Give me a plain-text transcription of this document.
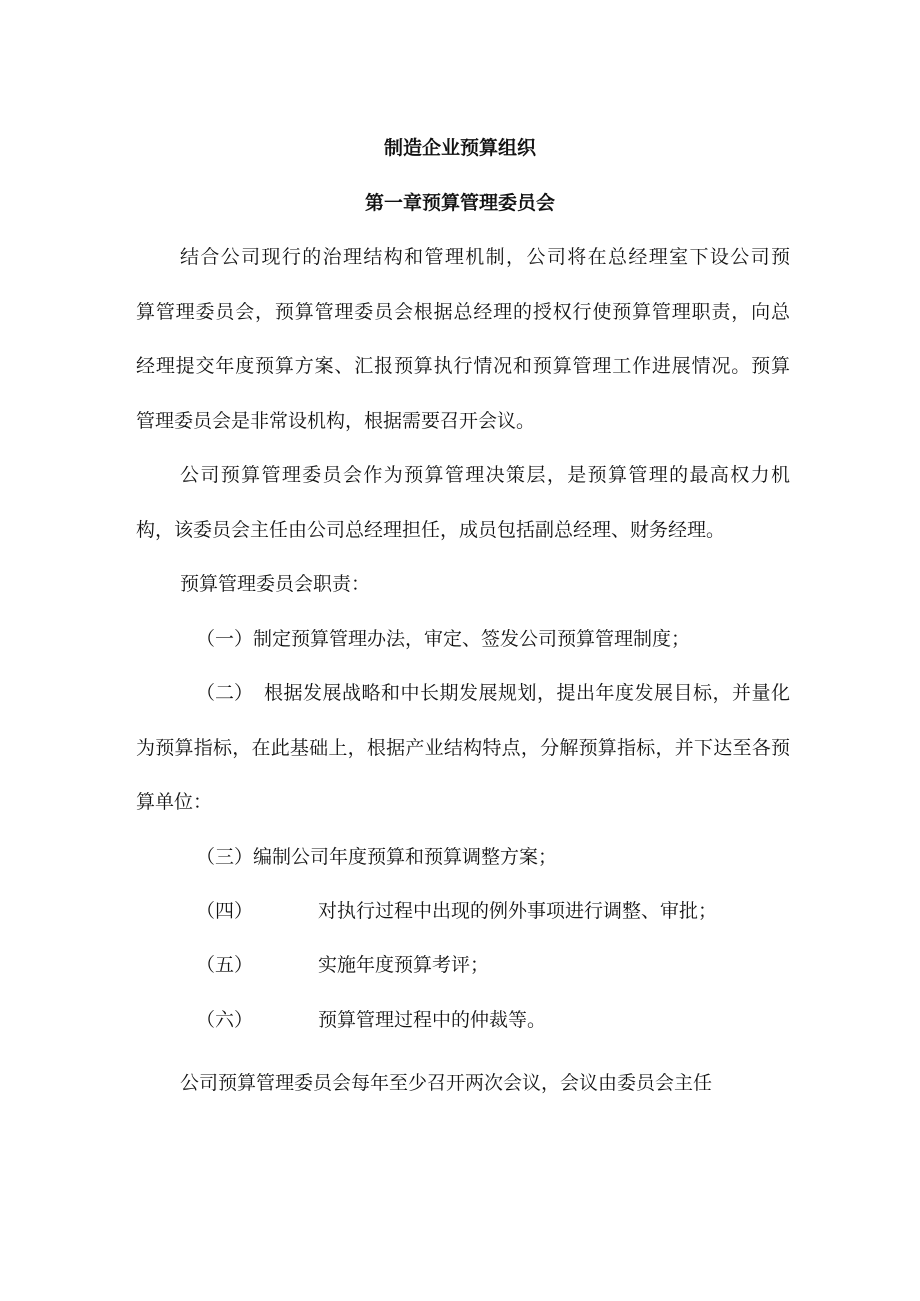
制造企业预算组织
第一章预算管理委员会
结合公司现行的治理结构和管理机制，公司将在总经理室下设公司预
算管理委员会，预算管理委员会根据总经理的授权行使预算管理职责，向总
经理提交年度预算方案、汇报预算执行情况和预算管理工作进展情况。预算
管理委员会是非常设机构，根据需要召开会议。
公司预算管理委员会作为预算管理决策层，是预算管理的最高权力机
构，该委员会主任由公司总经理担任，成员包括副总经理、财务经理。
预算管理委员会职责：
（一）制定预算管理办法，审定、签发公司预算管理制度；
（二） 根据发展战略和中长期发展规划，提出年度发展目标，并量化
为预算指标，在此基础上，根据产业结构特点，分解预算指标，并下达至各预
算单位：
（三）编制公司年度预算和预算调整方案；
（四）	对执行过程中出现的例外事项进行调整、审批；
（五）	实施年度预算考评；
（六）	预算管理过程中的仲裁等。
公司预算管理委员会每年至少召开两次会议，会议由委员会主任
